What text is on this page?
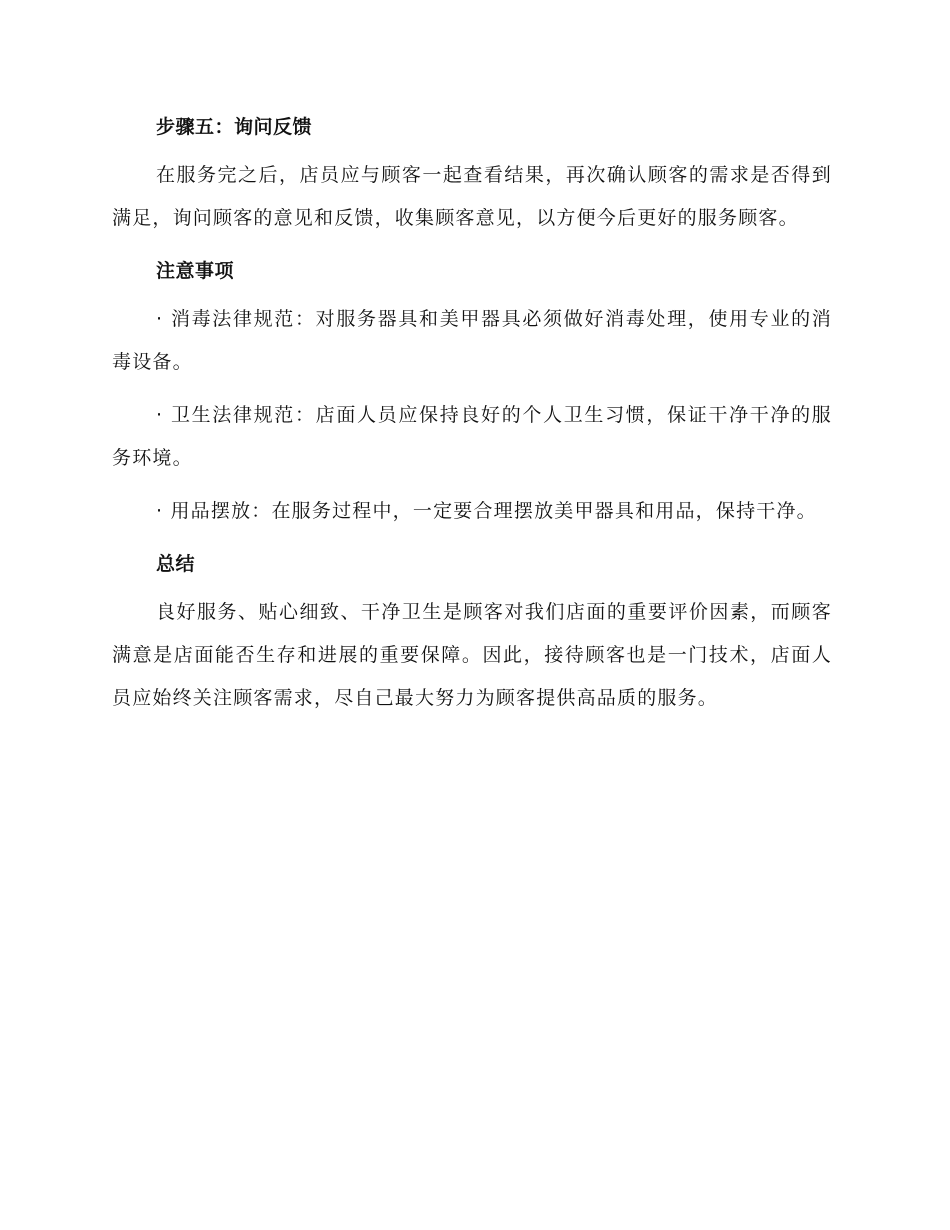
步骤五：询问反馈

在服务完之后，店员应与顾客一起查看结果，再次确认顾客的需求是否得到满足，询问顾客的意见和反馈，收集顾客意见，以方便今后更好的服务顾客。

注意事项

· 消毒法律规范：对服务器具和美甲器具必须做好消毒处理，使用专业的消毒设备。

· 卫生法律规范：店面人员应保持良好的个人卫生习惯，保证干净干净的服务环境。

· 用品摆放：在服务过程中，一定要合理摆放美甲器具和用品，保持干净。

总结

良好服务、贴心细致、干净卫生是顾客对我们店面的重要评价因素，而顾客满意是店面能否生存和进展的重要保障。因此，接待顾客也是一门技术，店面人员应始终关注顾客需求，尽自己最大努力为顾客提供高品质的服务。
